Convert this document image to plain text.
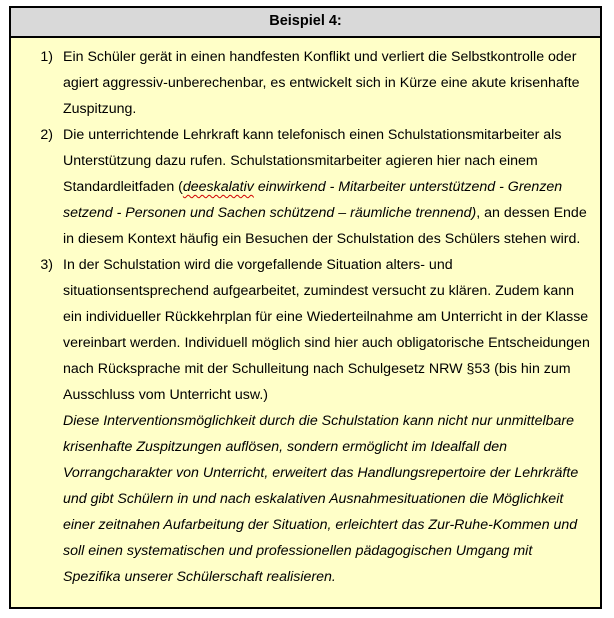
Beispiel 4:
1) Ein Schüler gerät in einen handfesten Konflikt und verliert die Selbstkontrolle oder agiert aggressiv-unberechenbar, es entwickelt sich in Kürze eine akute krisenhafte Zuspitzung.
2) Die unterrichtende Lehrkraft kann telefonisch einen Schulstationsmitarbeiter als Unterstützung dazu rufen. Schulstationsmitarbeiter agieren hier nach einem Standardleitfaden (deeskalativ einwirkend - Mitarbeiter unterstützend - Grenzen setzend - Personen und Sachen schützend – räumliche trennend), an dessen Ende in diesem Kontext häufig ein Besuchen der Schulstation des Schülers stehen wird.
3) In der Schulstation wird die vorgefallende Situation alters- und situationsentsprechend aufgearbeitet, zumindest versucht zu klären. Zudem kann ein individueller Rückkehrplan für eine Wiederteilnahme am Unterricht in der Klasse vereinbart werden. Individuell möglich sind hier auch obligatorische Entscheidungen nach Rücksprache mit der Schulleitung nach Schulgesetz NRW §53 (bis hin zum Ausschluss vom Unterricht usw.)
Diese Interventionsmöglichkeit durch die Schulstation kann nicht nur unmittelbare krisenhafte Zuspitzungen auflösen, sondern ermöglicht im Idealfall den Vorrangcharakter von Unterricht, erweitert das Handlungsrepertoire der Lehrkräfte und gibt Schülern in und nach eskalativen Ausnahmesituationen die Möglichkeit einer zeitnahen Aufarbeitung der Situation, erleichtert das Zur-Ruhe-Kommen und soll einen systematischen und professionellen pädagogischen Umgang mit Spezifika unserer Schülerschaft realisieren.
